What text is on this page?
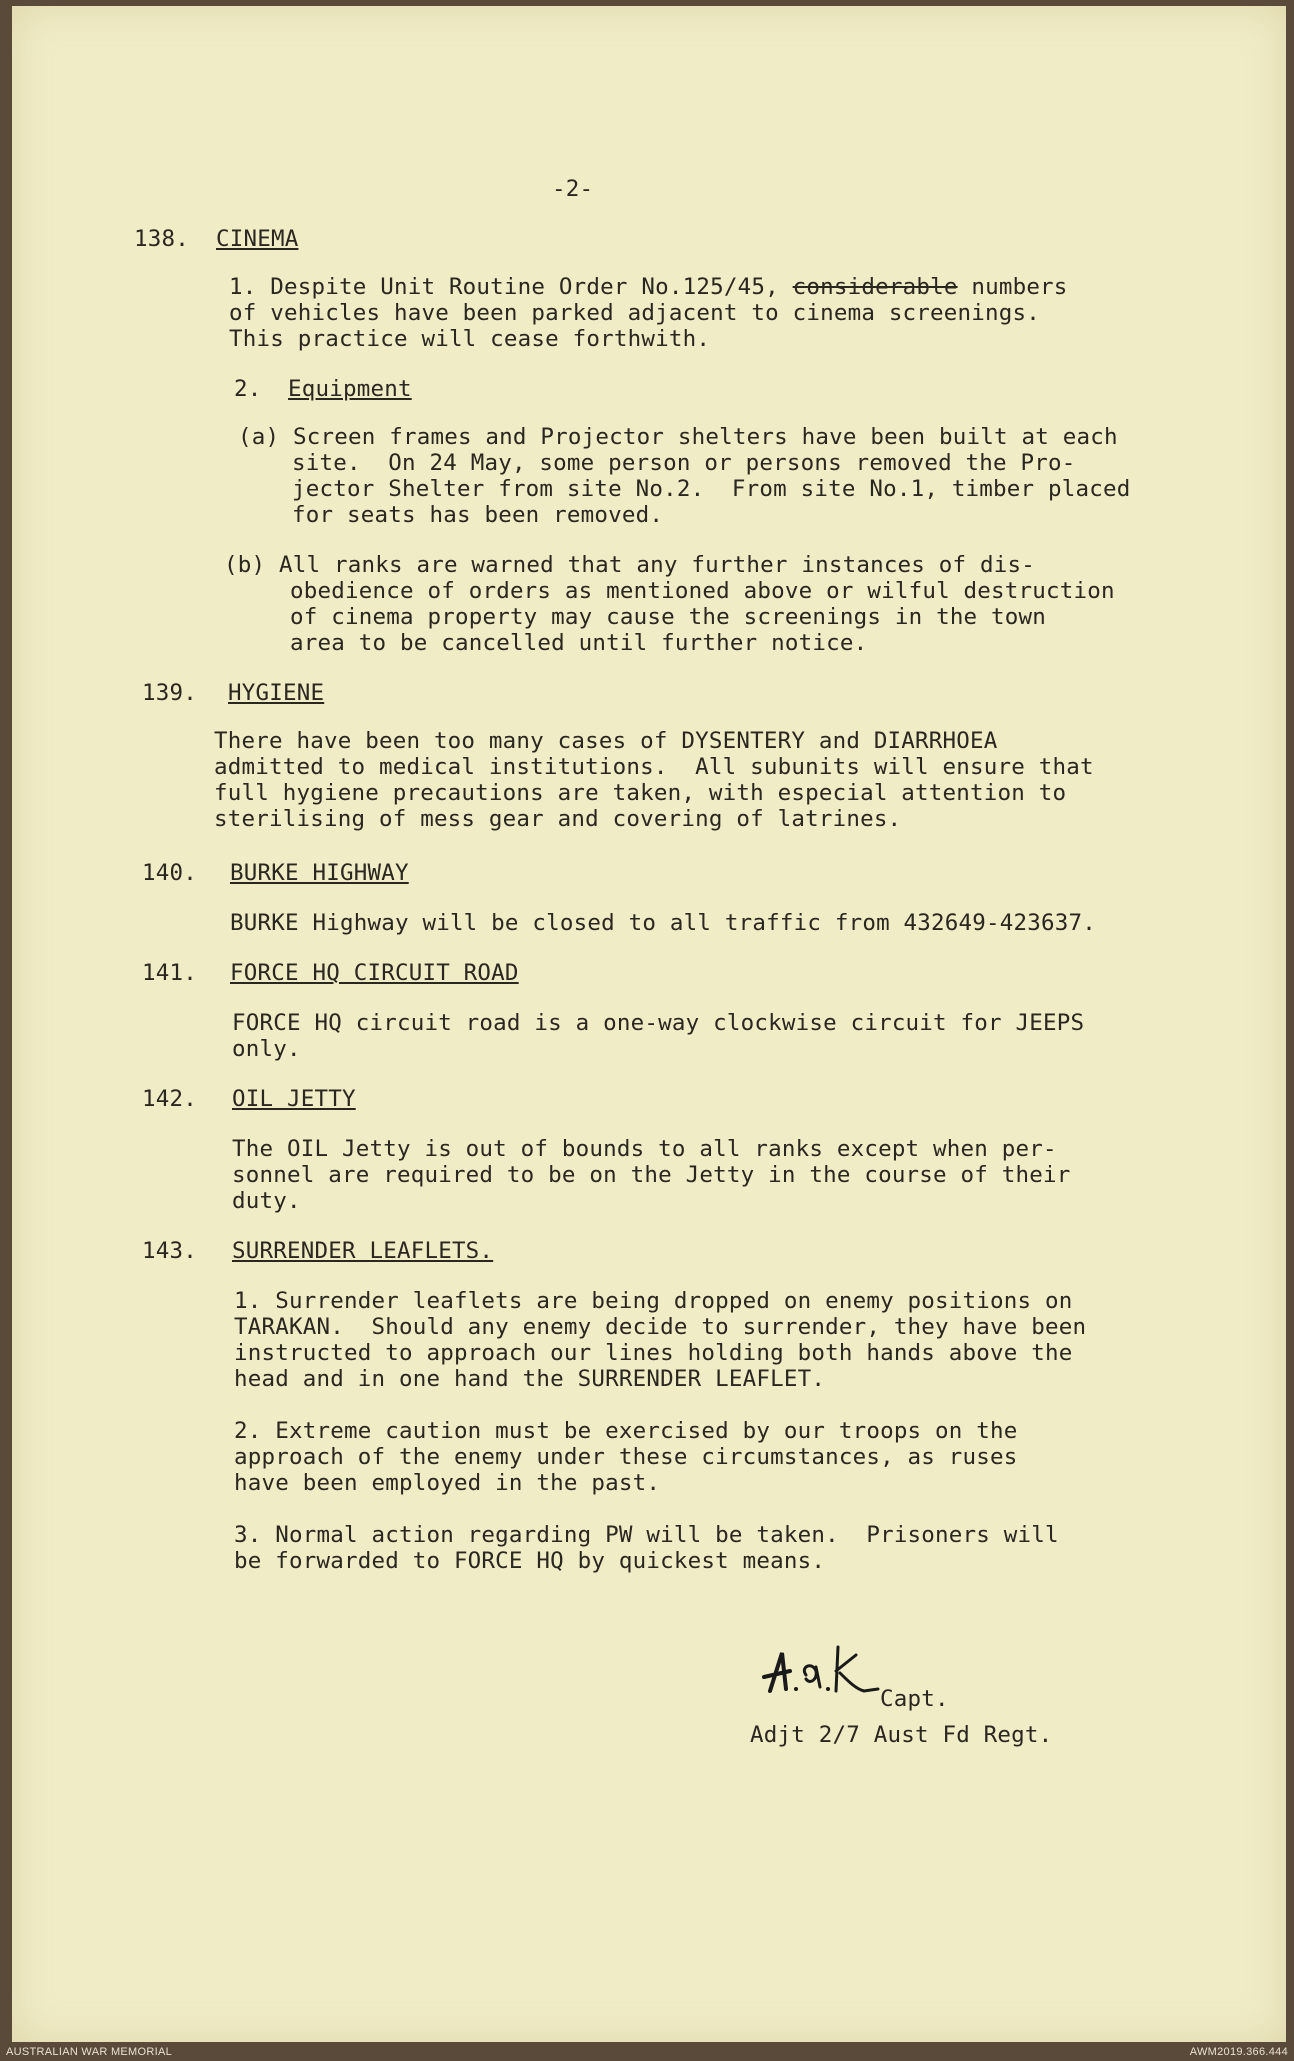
-2-
138. CINEMA
1. Despite Unit Routine Order No.125/45, considerable numbers
of vehicles have been parked adjacent to cinema screenings.
This practice will cease forthwith.
2. Equipment
(a) Screen frames and Projector shelters have been built at each
site.  On 24 May, some person or persons removed the Pro-
jector Shelter from site No.2.  From site No.1, timber placed
for seats has been removed.
(b) All ranks are warned that any further instances of dis-
obedience of orders as mentioned above or wilful destruction
of cinema property may cause the screenings in the town
area to be cancelled until further notice.
139. HYGIENE
There have been too many cases of DYSENTERY and DIARRHOEA
admitted to medical institutions.  All subunits will ensure that
full hygiene precautions are taken, with especial attention to
sterilising of mess gear and covering of latrines.
140. BURKE HIGHWAY
BURKE Highway will be closed to all traffic from 432649-423637.
141. FORCE HQ CIRCUIT ROAD
FORCE HQ circuit road is a one-way clockwise circuit for JEEPS
only.
142. OIL JETTY
The OIL Jetty is out of bounds to all ranks except when per-
sonnel are required to be on the Jetty in the course of their
duty.
143. SURRENDER LEAFLETS.
1. Surrender leaflets are being dropped on enemy positions on
TARAKAN.  Should any enemy decide to surrender, they have been
instructed to approach our lines holding both hands above the
head and in one hand the SURRENDER LEAFLET.
2. Extreme caution must be exercised by our troops on the
approach of the enemy under these circumstances, as ruses
have been employed in the past.
3. Normal action regarding PW will be taken.  Prisoners will
be forwarded to FORCE HQ by quickest means.
Capt.
Adjt 2/7 Aust Fd Regt.
AUSTRALIAN WAR MEMORIAL	AWM2019.366.444
